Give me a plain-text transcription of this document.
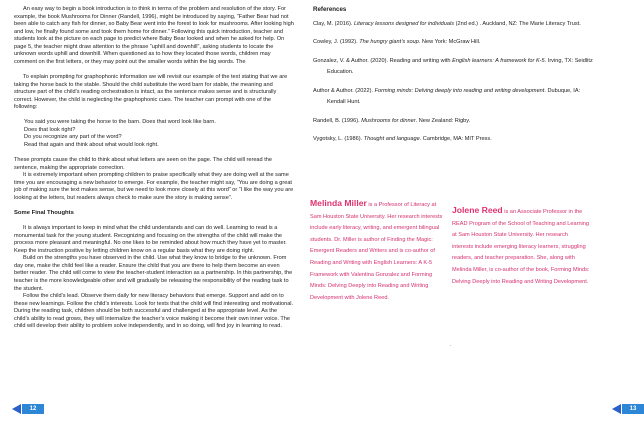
An easy way to begin a book introduction is to think in terms of the problem and resolution of the story. For example, the book Mushrooms for Dinner (Randell, 1996), might be introduced by saying, “Father Bear had not been able to catch any fish for dinner, so Baby Bear went into the forest to look for mushrooms. After looking high and low, he finally found some and took them home for dinner.” Following this quick introduction, teacher and students look at the picture on each page to predict where Baby Bear looked and when he asked for help. On page 5, the teacher might draw attention to the phrase “uphill and downhill”, asking students to locate the unknown words uphill and downhill. When questioned as to how they located those words, children may comment on the first letters, or they may point out the smaller words within the big words. The

To explain prompting for graphophonic information we will revisit our example of the text stating that we are taking the horse back to the stable. Should the child substitute the word barn for stable, the meaning and structure part of the child’s reading orchestration is intact, as the sentence makes sense and is structurally correct. However, the child is neglecting the graphophonic cues. The teacher can prompt with one of the following:

You said you were taking the horse to the barn. Does that word look like barn.

Does that look right?

Do you recognize any part of the word?

Read that again and think about what would look right.

These prompts cause the child to think about what letters are seen on the page. The child will reread the sentence, making the appropriate correction.

It is extremely important when prompting children to praise specifically what they are doing well at the same time you are encouraging a new behavior to emerge. For example, the teacher might say, “You are doing a great job of making sure the text makes sense, but we need to look more closely at this word” or “I like the way you are looking at the letters, but readers always check to make sure the story is making sense”.

Some Final Thoughts

It is always important to keep in mind what the child understands and can do well. Learning to read is a monumental task for the young student. Recognizing and focusing on the strengths of the child will make the process more pleasant and meaningful. No one likes to be reminded about how much they have yet to master. Keep the instruction positive by letting children know on a regular basis what they are doing right.

Build on the strengths you have observed in the child. Use what they know to bridge to the unknown. From day one, make the child feel like a reader. Ensure the child that you are there to help them become an even better reader. The child will come to view the teacher-student interaction as a partnership. In this partnership, the teacher is the more knowledgeable other and will gradually be releasing the responsibility of the reading task to the student.

Follow the child’s lead. Observe them daily for new literacy behaviors that emerge. Support and add on to these new learnings. Follow the child’s interests. Look for texts that the child will find interesting and motivational. During the reading task, children should be both successful and challenged at the appropriate level. As the child’s ability to read grows, they will internalize the teacher’s voice making it become their own inner voice. The child will develop their ability to problem solve independently, and in so doing, will find joy in learning to read.

12
References

Clay, M. (2016). Literacy lessons designed for individuals (2nd ed.) . Auckland, NZ: The Marie Literacy Trust.

Cowley, J. (1992). The hungry giant’s soup. New York: McGraw Hill.

Gonzalez, V. & Author. (2020). Reading and writing with English learners: A framework for K-5. Irving, TX: Seidlitz Education.

Author & Author. (2022). Forming minds: Delving deeply into reading and writing development. Dubuque, IA: Kendall Hunt.

Randell, B. (1996). Mushrooms for dinner. New Zealand: Rigby.

Vygotsky, L. (1986). Thought and language. Cambridge, MA: MIT Press.

Melinda Miller is a Professor of Literacy at Sam Houston State University. Her research interests include early literacy, writing, and emergent bilingual students. Dr. Miller is author of Finding the Magic: Emergent Readers and Writers and is co-author of Reading and Writing with English Learners: A K-5 Framework with Valentina Gonzalez and Forming Minds: Delving Deeply into Reading and Writing Development with Jolene Reed.
Jolene Reed is an Associate Professor in the READ Program of the School of Teaching and Learning at Sam Houston State University. Her research interests include emerging literacy learners, struggling readers, and teacher preparation. She, along with Melinda Miller, is co-author of the book, Forming Minds: Delving Deeply into Reading and Writing Development.
.
13
